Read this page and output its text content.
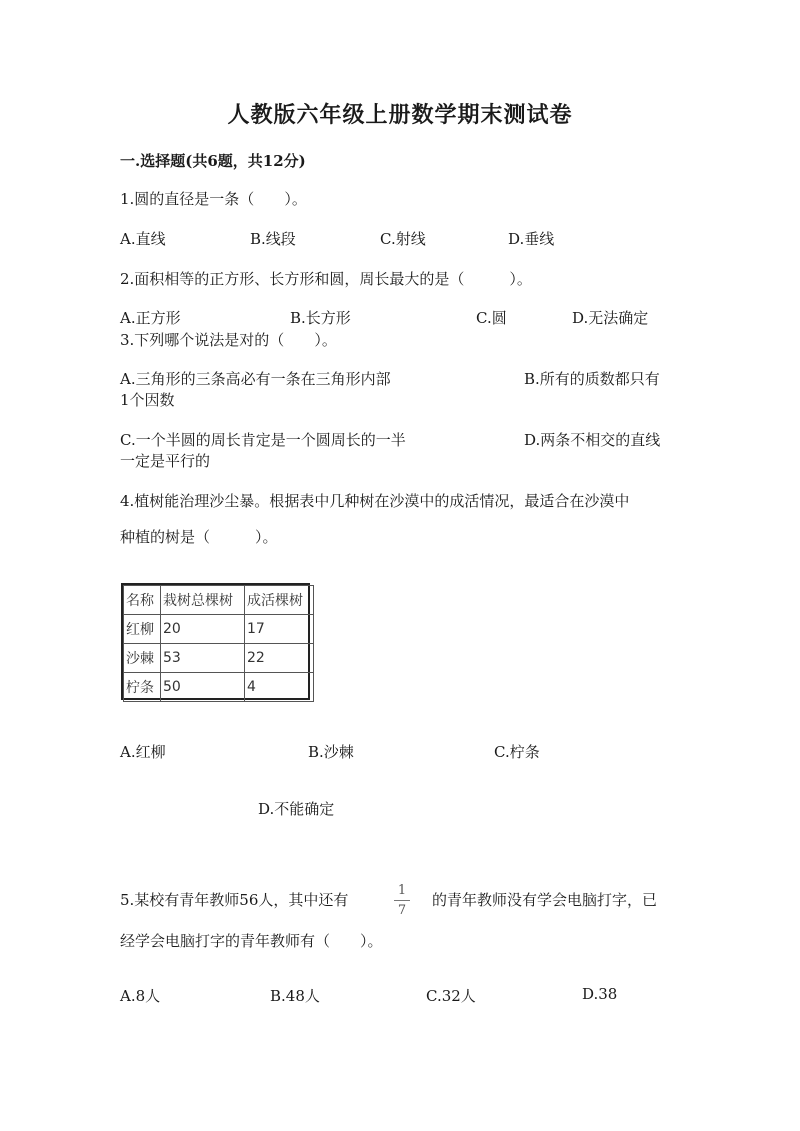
人教版六年级上册数学期末测试卷
一.选择题(共6题，共12分)
1.圆的直径是一条（　　）。
A.直线	B.线段	C.射线	D.垂线
2.面积相等的正方形、长方形和圆，周长最大的是（　　　）。
A.正方形	B.长方形	C.圆	D.无法确定
3.下列哪个说法是对的（　　）。
A.三角形的三条高必有一条在三角形内部	B.所有的质数都只有
1个因数
C.一个半圆的周长肯定是一个圆周长的一半	D.两条不相交的直线
一定是平行的
4.植树能治理沙尘暴。根据表中几种树在沙漠中的成活情况，最适合在沙漠中
种植的树是（　　　）。
名称	栽树总棵树	成活棵树
红柳	20	17
沙棘	53	22
柠条	50	4
A.红柳	B.沙棘	C.柠条
D.不能确定
5.某校有青年教师56人，其中还有
1
7
的青年教师没有学会电脑打字，已
经学会电脑打字的青年教师有（　　）。
A.8人	B.48人	C.32人	D.38
